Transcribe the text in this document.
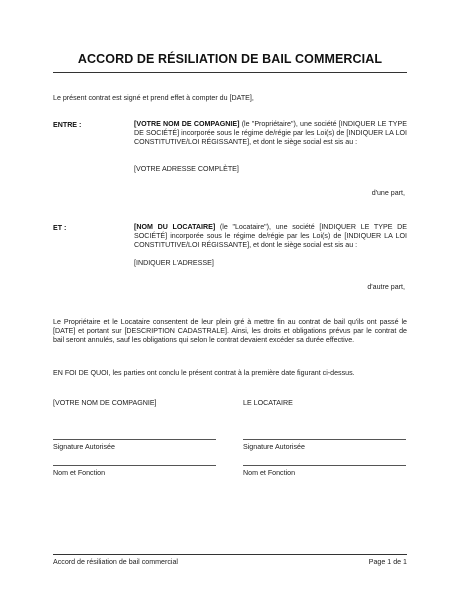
ACCORD DE RÉSILIATION DE BAIL COMMERCIAL
Le présent contrat est signé et prend effet à compter du [DATE],
ENTRE :	[VOTRE NOM DE COMPAGNIE] (le "Propriétaire"), une société [INDIQUER LE TYPE DE SOCIÉTÉ] incorporée sous le régime de/régie par les Loi(s) de [INDIQUER LA LOI CONSTITUTIVE/LOI RÉGISSANTE], et dont le siège social est sis au :
[VOTRE ADRESSE COMPLÈTE]
d'une part,
ET :	[NOM DU LOCATAIRE] (le "Locataire"), une société [INDIQUER LE TYPE DE SOCIÉTÉ] incorporée sous le régime de/régie par les Loi(s) de [INDIQUER LA LOI CONSTITUTIVE/LOI RÉGISSANTE], et dont le siège social est sis au :
[INDIQUER L'ADRESSE]
d'autre part,
Le Propriétaire et le Locataire consentent de leur plein gré à mettre fin au contrat de bail qu'ils ont passé le [DATE] et portant sur [DESCRIPTION CADASTRALE]. Ainsi, les droits et obligations prévus par le contrat de bail seront annulés, sauf les obligations qui selon le contrat devaient excéder sa durée effective.
EN FOI DE QUOI, les parties ont conclu le présent contrat à la première date figurant ci-dessus.
[VOTRE NOM DE COMPAGNIE]	LE LOCATAIRE
Signature Autorisée	Signature Autorisée
Nom et Fonction	Nom et Fonction
Accord de résiliation de bail commercial	Page 1 de 1
